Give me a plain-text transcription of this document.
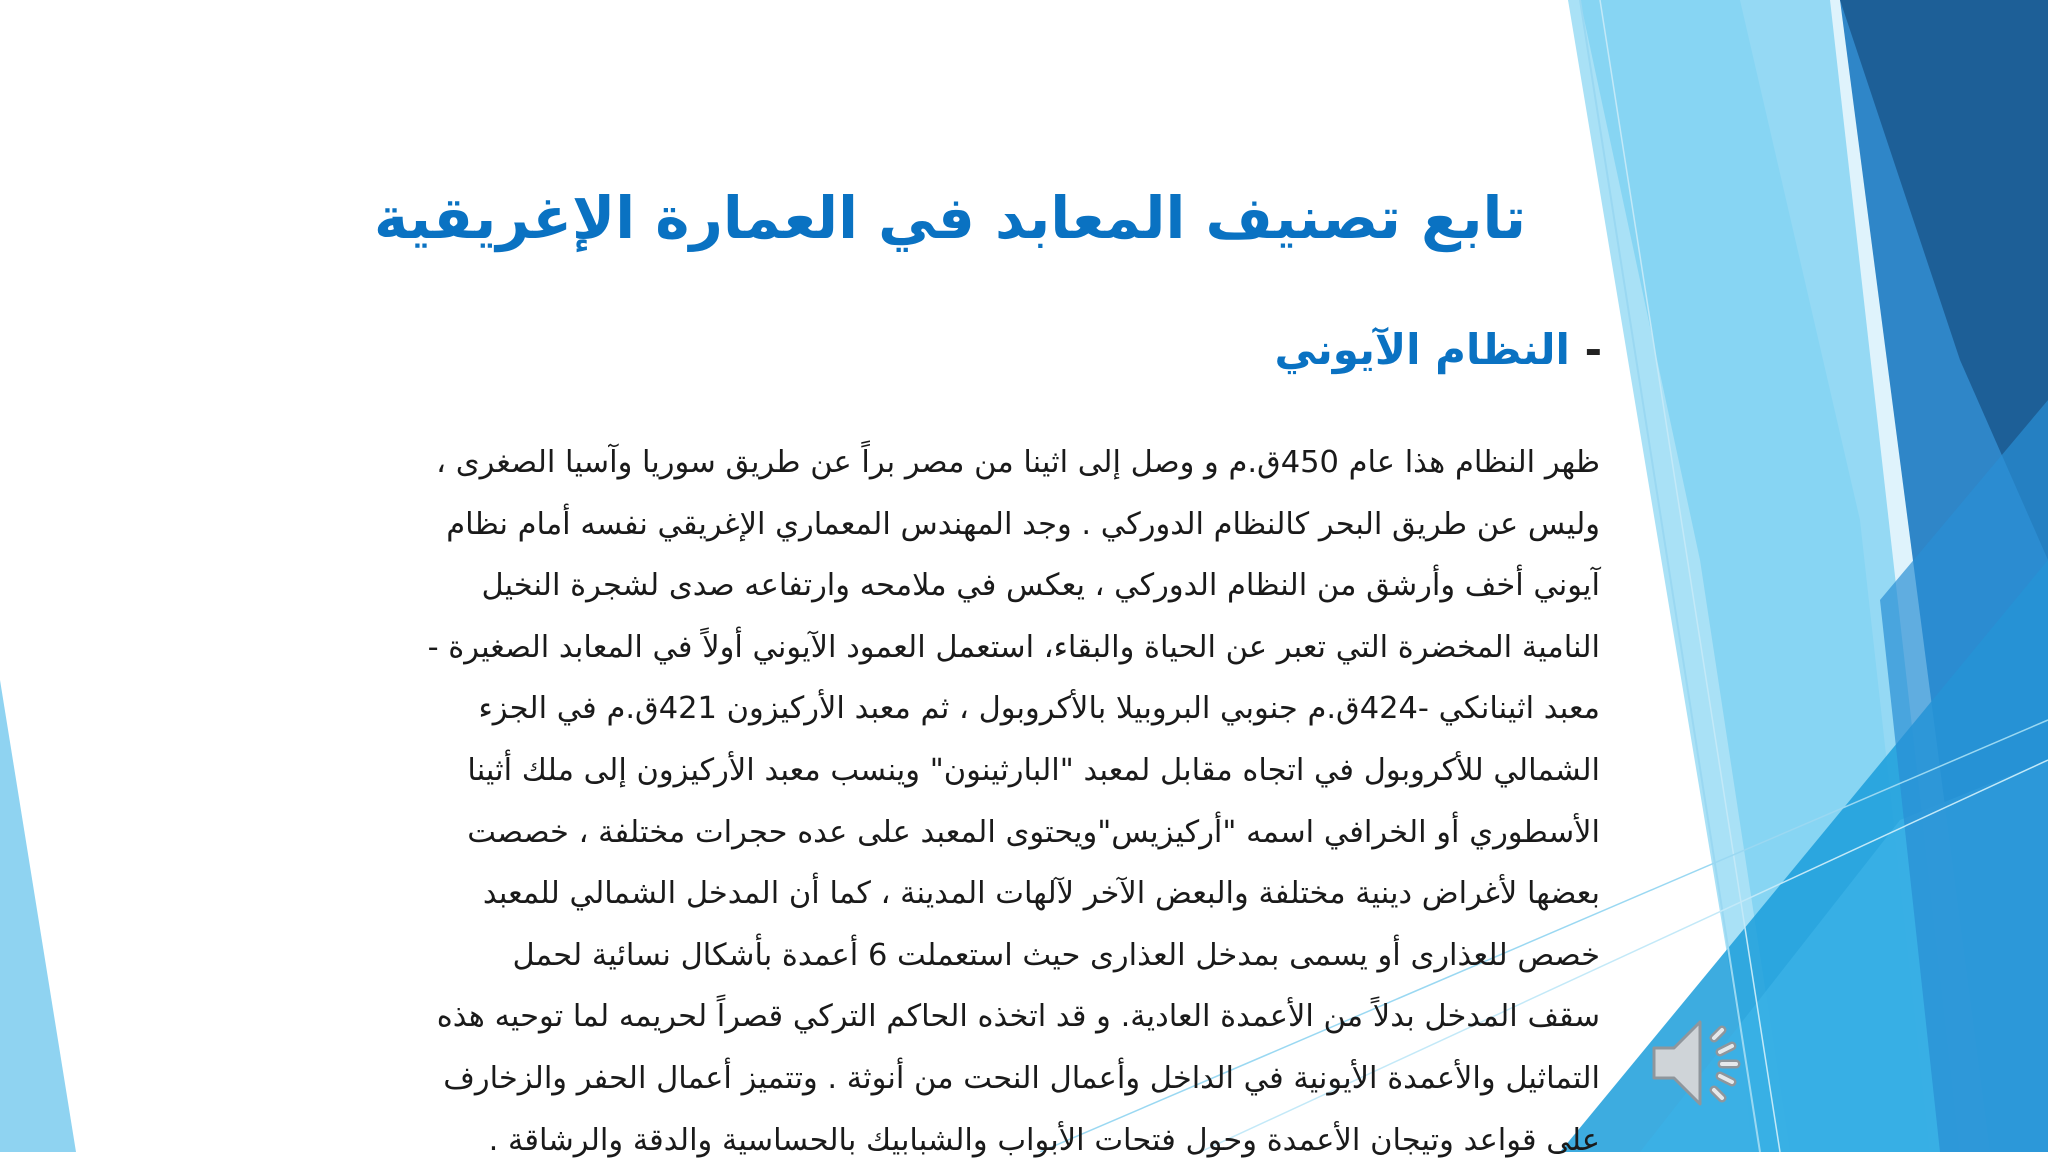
تابع تصنيف المعابد في العمارة الإغريقية

- النظام الآيوني

ظهر النظام هذا عام 450ق.م و وصل إلى اثينا من مصر براً عن طريق سوريا وآسيا الصغرى ،
وليس عن طريق البحر كالنظام الدوركي . وجد المهندس المعماري الإغريقي نفسه أمام نظام
آيوني أخف وأرشق من النظام الدوركي ، يعكس في ملامحه وارتفاعه صدى لشجرة النخيل
النامية المخضرة التي تعبر عن الحياة والبقاء، استعمل العمود الآيوني أولاً في المعابد الصغيرة -
معبد اثينانكي -424ق.م جنوبي البروبيلا بالأكروبول ، ثم معبد الأركيزون 421ق.م في الجزء
الشمالي للأكروبول في اتجاه مقابل لمعبد "البارثينون" وينسب معبد الأركيزون إلى ملك أثينا
الأسطوري أو الخرافي اسمه "أركيزيس"ويحتوى المعبد على عده حجرات مختلفة ، خصصت
بعضها لأغراض دينية مختلفة والبعض الآخر لآلهات المدينة ، كما أن المدخل الشمالي للمعبد
خصص للعذارى أو يسمى بمدخل العذارى حيث استعملت 6 أعمدة بأشكال نسائية لحمل
سقف المدخل بدلاً من الأعمدة العادية. و قد اتخذه الحاكم التركي قصراً لحريمه لما توحيه هذه
التماثيل والأعمدة الأيونية في الداخل وأعمال النحت من أنوثة . وتتميز أعمال الحفر والزخارف
على قواعد وتيجان الأعمدة وحول فتحات الأبواب والشبابيك بالحساسية والدقة والرشاقة .
